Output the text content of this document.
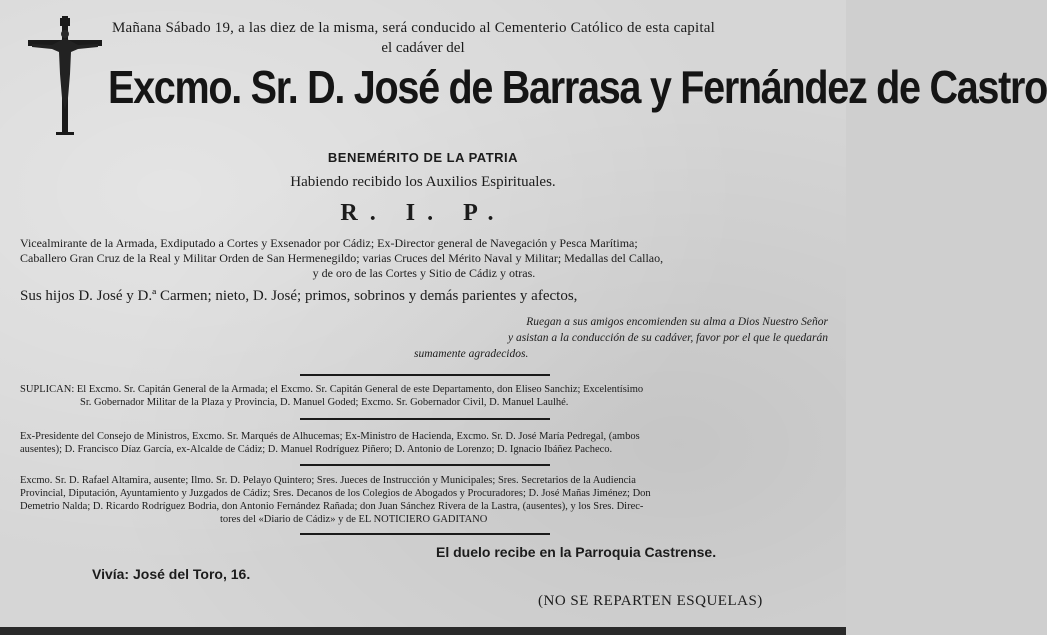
Mañana Sábado 19, a las diez de la misma, será conducido al Cementerio Católico de esta capital
el cadáver del
Excmo. Sr. D. José de Barrasa y Fernández de Castro
BENEMÉRITO DE LA PATRIA
Habiendo recibido los Auxilios Espirituales.
R. I. P.
Vicealmirante de la Armada, Exdiputado a Cortes y Exsenador por Cádiz; Ex-Director general de Navegación y Pesca Marítima;
Caballero Gran Cruz de la Real y Militar Orden de San Hermenegildo; varias Cruces del Mérito Naval y Militar; Medallas del Callao,
y de oro de las Cortes y Sitio de Cádiz y otras.
Sus hijos D. José y D.ª Carmen; nieto, D. José; primos, sobrinos y demás parientes y afectos,
Ruegan a sus amigos encomienden su alma a Dios Nuestro Señor
y asistan a la conducción de su cadáver, favor por el que le quedarán
sumamente agradecidos.
SUPLICAN: El Excmo. Sr. Capitán General de la Armada; el Excmo. Sr. Capitán General de este Departamento, don Eliseo Sanchiz; Excelentísimo
Sr. Gobernador Militar de la Plaza y Provincia, D. Manuel Goded; Excmo. Sr. Gobernador Civil, D. Manuel Laulhé.
Ex-Presidente del Consejo de Ministros, Excmo. Sr. Marqués de Alhucemas; Ex-Ministro de Hacienda, Excmo. Sr. D. José María Pedregal, (ambos
ausentes); D. Francisco Díaz García, ex-Alcalde de Cádiz; D. Manuel Rodríguez Piñero; D. Antonio de Lorenzo; D. Ignacio Ibáñez Pacheco.
Excmo. Sr. D. Rafael Altamira, ausente; Ilmo. Sr. D. Pelayo Quintero; Sres. Jueces de Instrucción y Municipales; Sres. Secretarios de la Audiencia
Provincial, Diputación, Ayuntamiento y Juzgados de Cádiz; Sres. Decanos de los Colegios de Abogados y Procuradores; D. José Mañas Jiménez; Don
Demetrio Nalda; D. Ricardo Rodríguez Bodria, don Antonio Fernández Rañada; don Juan Sánchez Rivera de la Lastra, (ausentes), y los Sres. Direc-
tores del «Diario de Cádiz» y de EL NOTICIERO GADITANO
El duelo recibe en la Parroquia Castrense.
Vivía: José del Toro, 16.
(NO SE REPARTEN ESQUELAS)
